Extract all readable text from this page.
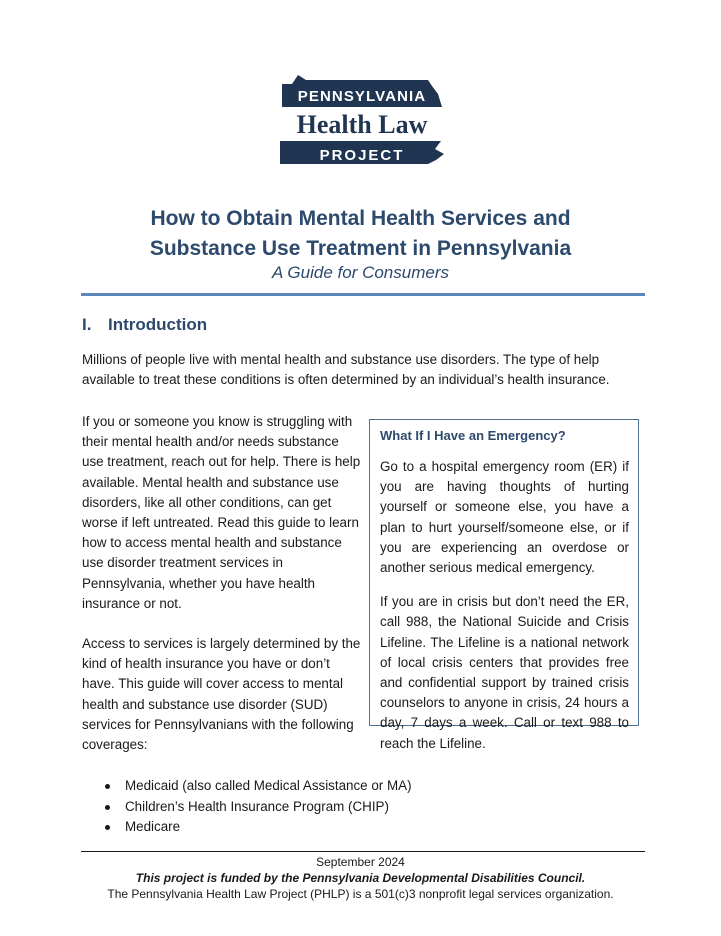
PENNSYLVANIA
Health Law
PROJECT
How to Obtain Mental Health Services and
Substance Use Treatment in Pennsylvania
A Guide for Consumers
I. Introduction
Millions of people live with mental health and substance use disorders. The type of help available to treat these conditions is often determined by an individual’s health insurance.
If you or someone you know is struggling with their mental health and/or needs substance use treatment, reach out for help. There is help available. Mental health and substance use disorders, like all other conditions, can get worse if left untreated. Read this guide to learn how to access mental health and substance use disorder treatment services in Pennsylvania, whether you have health insurance or not.
Access to services is largely determined by the kind of health insurance you have or don’t have. This guide will cover access to mental health and substance use disorder (SUD) services for Pennsylvanians with the following coverages:
What If I Have an Emergency?
Go to a hospital emergency room (ER) if you are having thoughts of hurting yourself or someone else, you have a plan to hurt yourself/someone else, or if you are experiencing an overdose or another serious medical emergency.
If you are in crisis but don’t need the ER, call 988, the National Suicide and Crisis Lifeline. The Lifeline is a national network of local crisis centers that provides free and confidential support by trained crisis counselors to anyone in crisis, 24 hours a day, 7 days a week. Call or text 988 to reach the Lifeline.
Medicaid (also called Medical Assistance or MA)
Children’s Health Insurance Program (CHIP)
Medicare
September 2024
This project is funded by the Pennsylvania Developmental Disabilities Council.
The Pennsylvania Health Law Project (PHLP) is a 501(c)3 nonprofit legal services organization.
